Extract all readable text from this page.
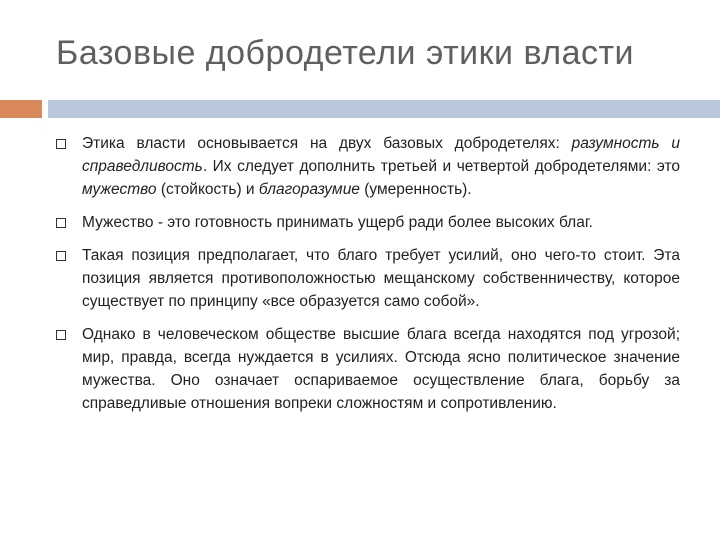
Базовые добродетели этики власти
Этика власти основывается на двух базовых добродетелях: разумность и справедливость. Их следует дополнить третьей и четвертой добродетелями: это мужество (стойкость) и благоразумие (умеренность).
Мужество - это готовность принимать ущерб ради более высоких благ.
Такая позиция предполагает, что благо требует усилий, оно чего-то стоит. Эта позиция является противоположностью мещанскому собственничеству, которое существует по принципу «все образуется само собой».
Однако в человеческом обществе высшие блага всегда находятся под угрозой; мир, правда, всегда нуждается в усилиях. Отсюда ясно политическое значение мужества. Оно означает оспариваемое осуществление блага, борьбу за справедливые отношения вопреки сложностям и сопротивлению.
